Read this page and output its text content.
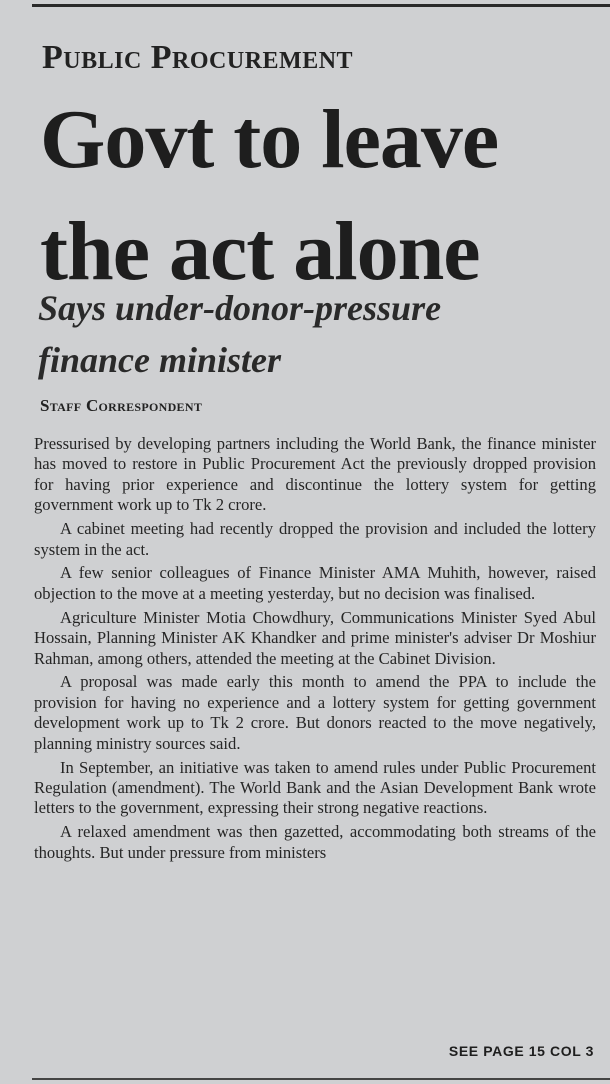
Public Procurement
Govt to leave
the act alone
Says under-donor-pressure
finance minister
Staff Correspondent

Pressurised by developing partners including the World Bank, the finance minister has moved to restore in Public Procurement Act the previously dropped provision for having prior experience and discontinue the lottery system for getting government work up to Tk 2 crore.

A cabinet meeting had recently dropped the provision and included the lottery system in the act.

A few senior colleagues of Finance Minister AMA Muhith, however, raised objection to the move at a meeting yesterday, but no decision was finalised.

Agriculture Minister Motia Chowdhury, Communications Minister Syed Abul Hossain, Planning Minister AK Khandker and prime minister's adviser Dr Moshiur Rahman, among others, attended the meeting at the Cabinet Division.

A proposal was made early this month to amend the PPA to include the provision for having no experience and a lottery system for getting government development work up to Tk 2 crore. But donors reacted to the move negatively, planning ministry sources said.

In September, an initiative was taken to amend rules under Public Procurement Regulation (amendment). The World Bank and the Asian Development Bank wrote letters to the government, expressing their strong negative reactions.

A relaxed amendment was then gazetted, accommodating both streams of the thoughts. But under pressure from ministers

SEE PAGE 15 COL 3
